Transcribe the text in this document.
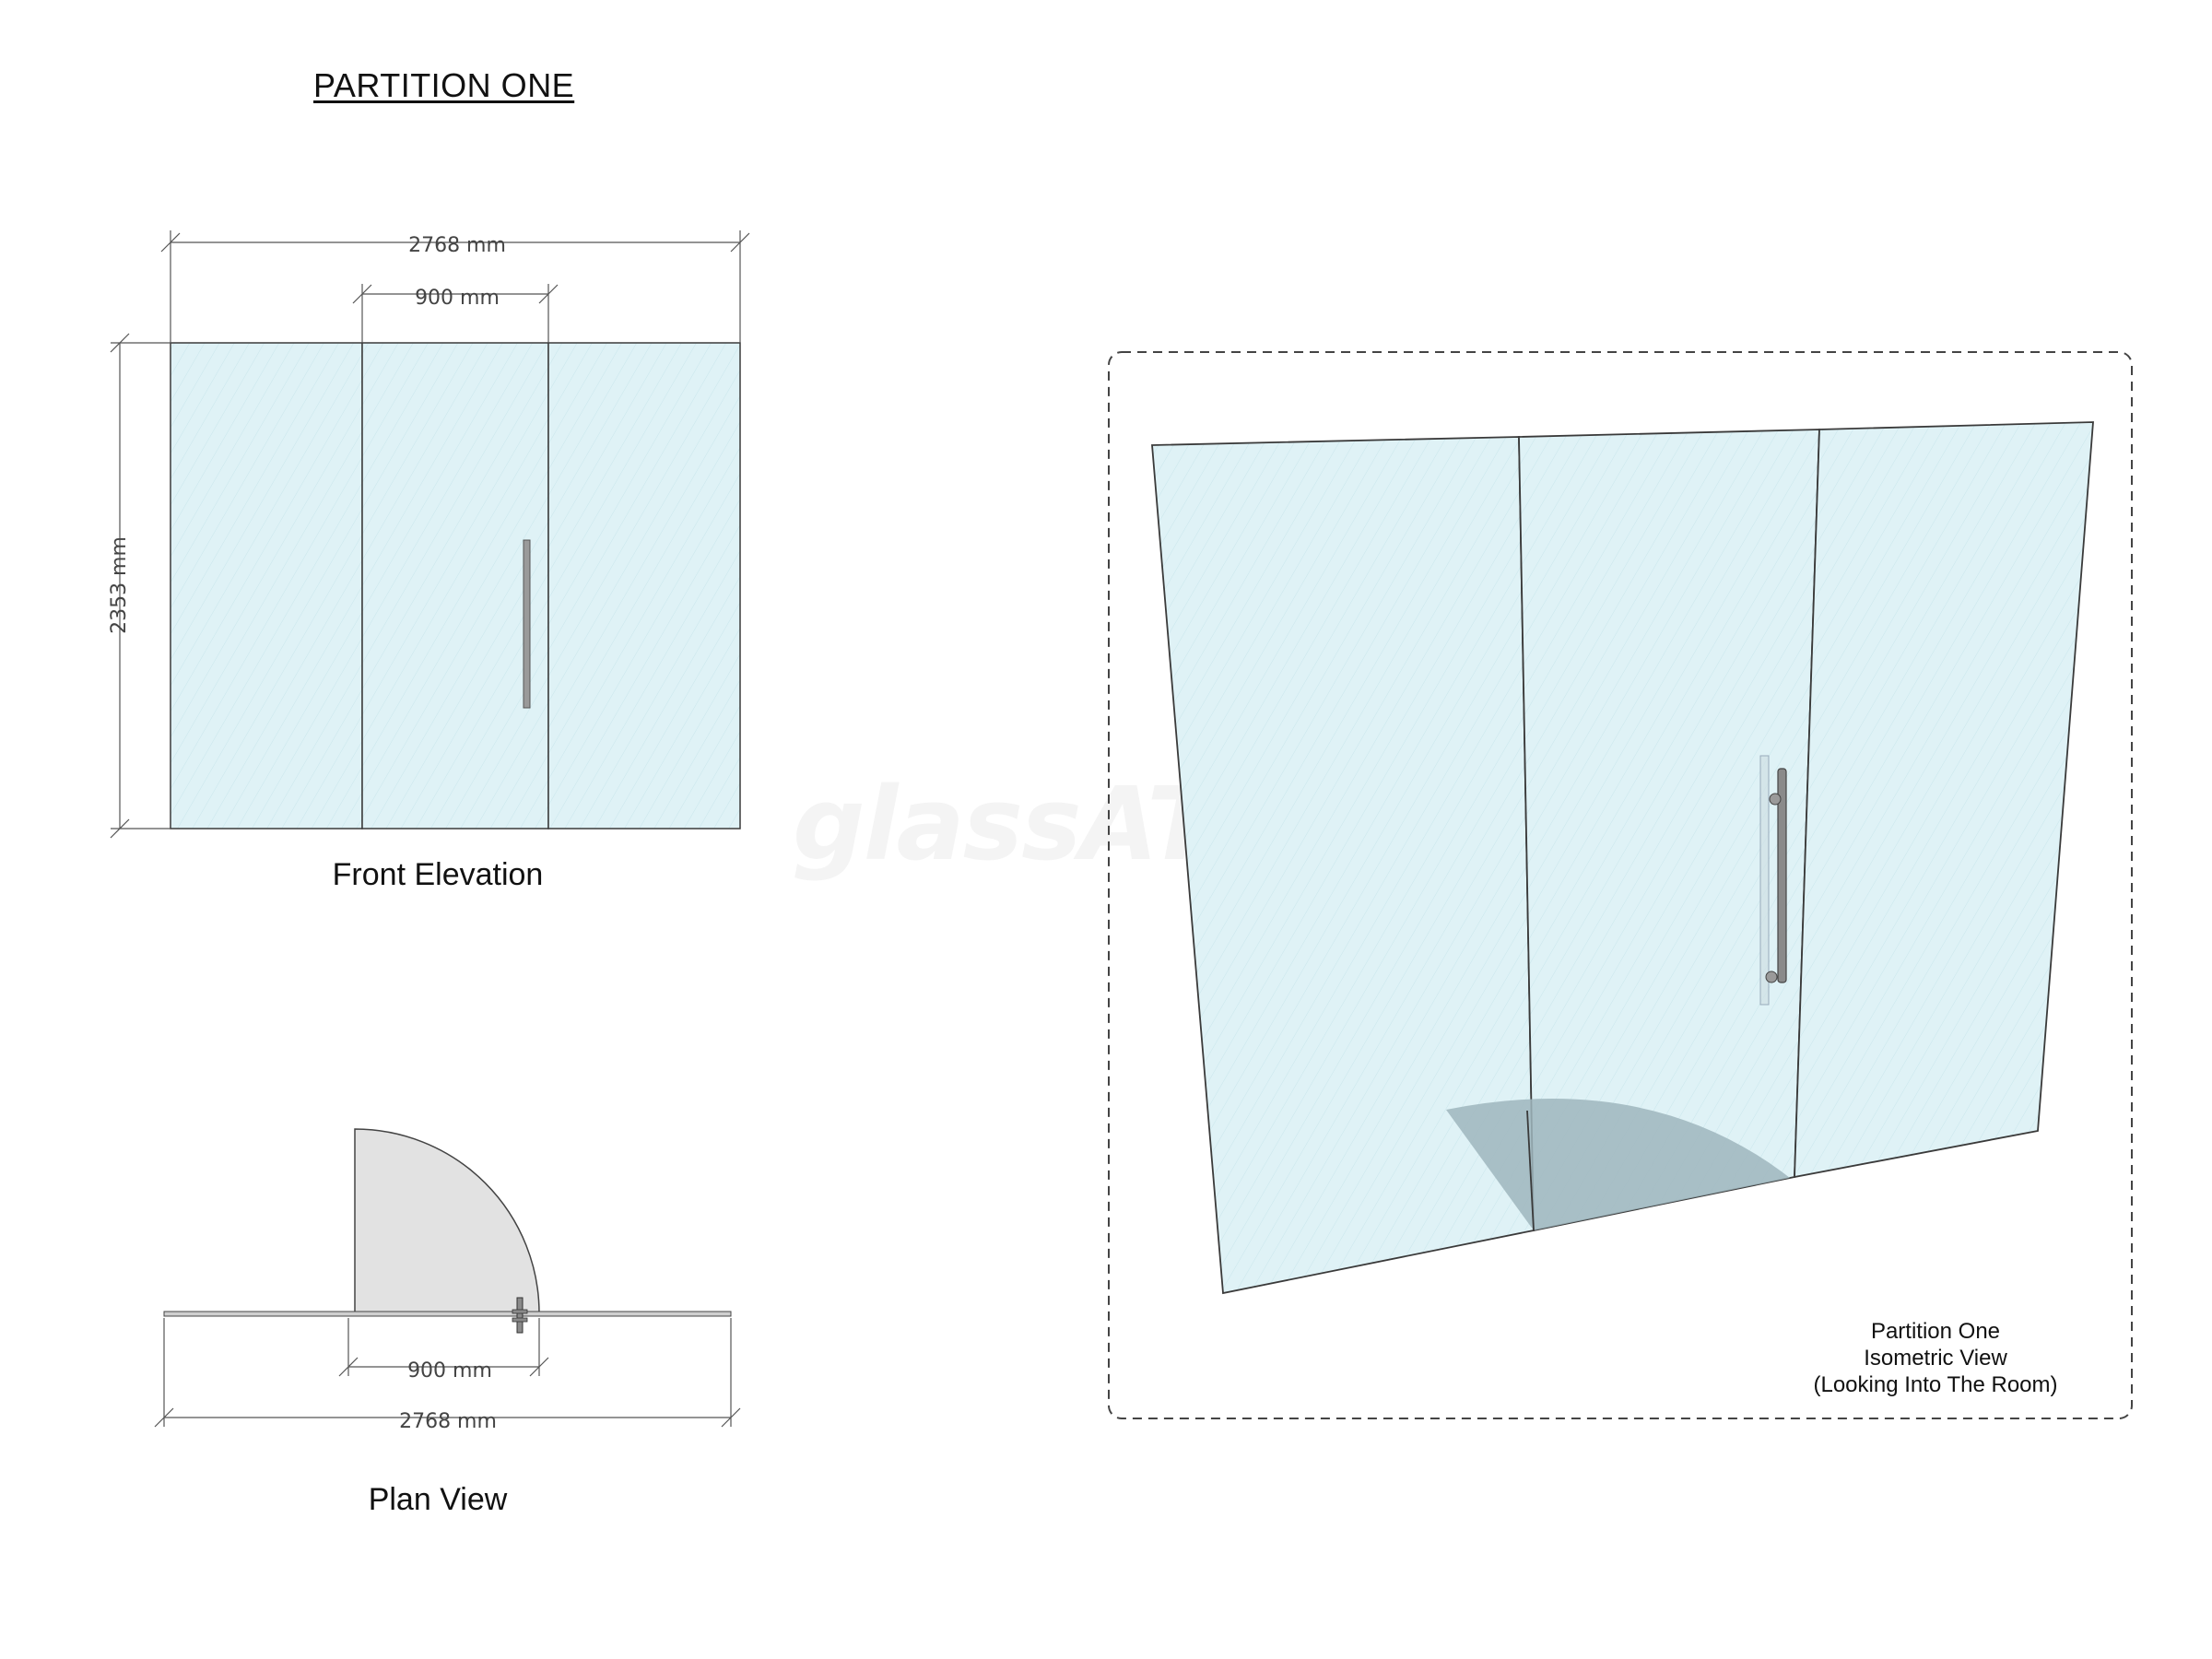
PARTITION ONE
2768 mm
900 mm
2353 mm
900 mm
2768 mm
Front Elevation
Plan View
Partition One
Isometric View
(Looking Into The Room)
